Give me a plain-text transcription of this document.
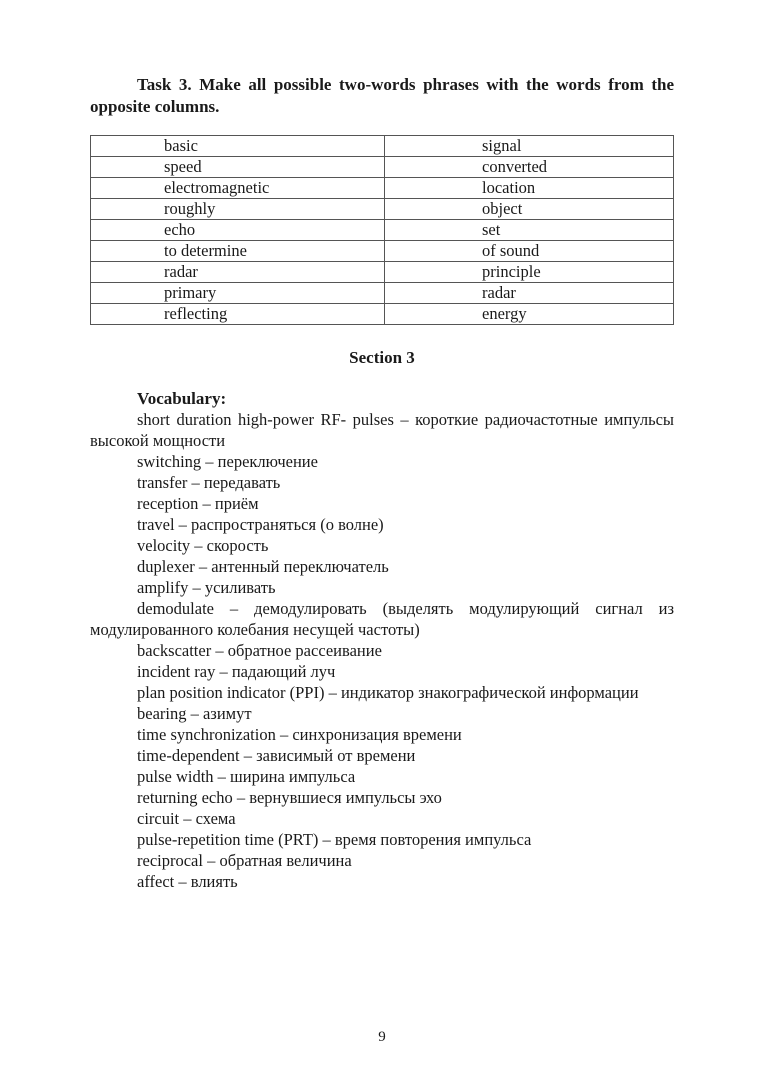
Task 3. Make all possible two-words phrases with the words from the opposite columns.
basic	signal
speed	converted
electromagnetic	location
roughly	object
echo	set
to determine	of sound
radar	principle
primary	radar
reflecting	energy
Section 3
Vocabulary:

short duration high-power RF- pulses – короткие радиочастотные импульсы высокой мощности

switching – переключение

transfer – передавать

reception – приём

travel – распространяться (о волне)

velocity – скорость

duplexer – антенный переключатель

amplify – усиливать

demodulate – демодулировать (выделять модулирующий сигнал из модулированного колебания несущей частоты)

backscatter – обратное рассеивание

incident ray – падающий луч

plan position indicator (PPI) – индикатор знакографической информации

bearing – азимут

time synchronization – синхронизация времени

time-dependent – зависимый от времени

pulse width – ширина импульса

returning echo – вернувшиеся импульсы эхо

circuit – схема

pulse-repetition time (PRT) – время повторения импульса

reciprocal – обратная величина

affect – влиять

9
